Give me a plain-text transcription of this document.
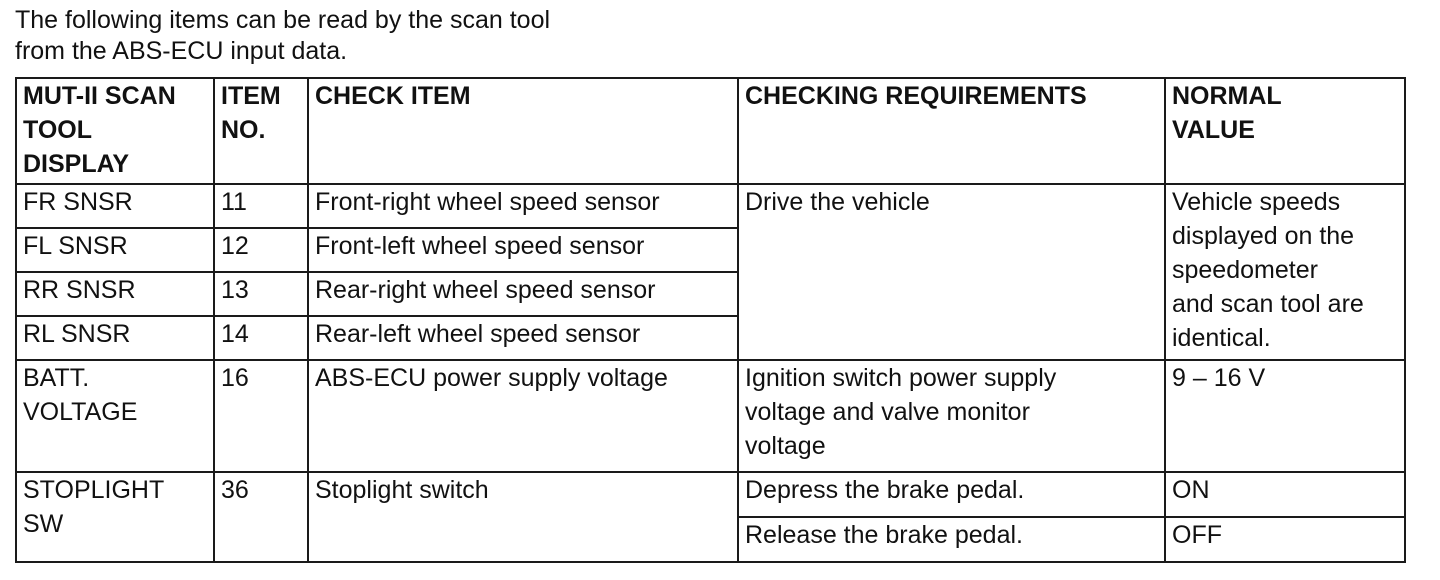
The following items can be read by the scan tool
from the ABS-ECU input data.
MUT-II SCAN
TOOL
DISPLAY	ITEM
NO.	CHECK ITEM	CHECKING REQUIREMENTS	NORMAL
VALUE

FR SNSR	11	Front-right wheel speed sensor	Drive the vehicle	Vehicle speeds
displayed on the
speedometer
and scan tool are
identical.

FL SNSR	12	Front-left wheel speed sensor		
RR SNSR	13	Rear-right wheel speed sensor		
RL SNSR	14	Rear-left wheel speed sensor		

BATT.
VOLTAGE	16	ABS-ECU power supply voltage	Ignition switch power supply
voltage and valve monitor
voltage	9 – 16 V

STOPLIGHT
SW	36	Stoplight switch	Depress the brake pedal.	ON
			Release the brake pedal.	OFF
